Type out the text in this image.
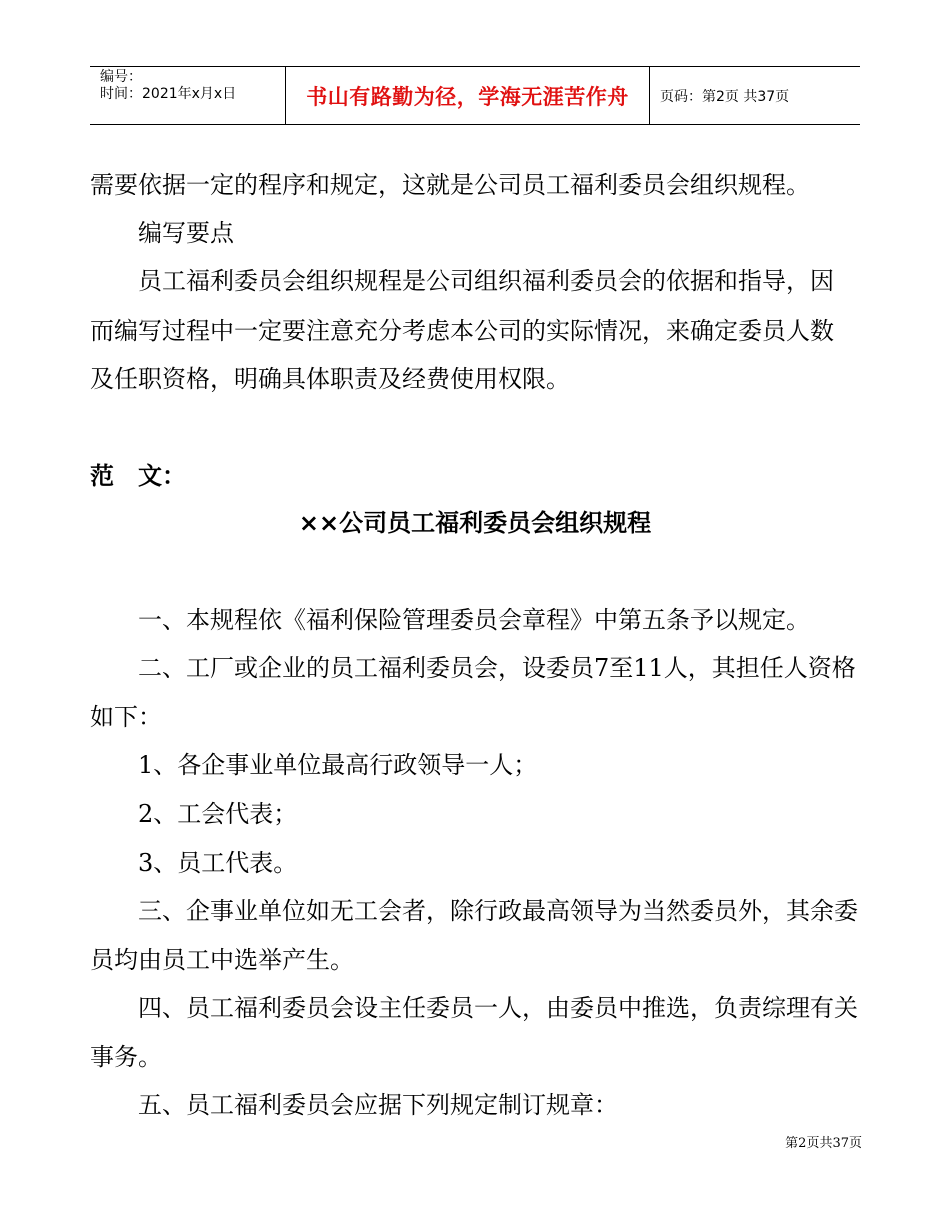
编号：
时间：2021年x月x日	书山有路勤为径，学海无涯苦作舟 页码：第2页 共37页
需要依据一定的程序和规定，这就是公司员工福利委员会组织规程。
编写要点
员工福利委员会组织规程是公司组织福利委员会的依据和指导，因
而编写过程中一定要注意充分考虑本公司的实际情况，来确定委员人数
及任职资格，明确具体职责及经费使用权限。
范　文：
××公司员工福利委员会组织规程
一、本规程依《福利保险管理委员会章程》中第五条予以规定。
二、工厂或企业的员工福利委员会，设委员7至11人，其担任人资格
如下：
1、各企事业单位最高行政领导一人；
2、工会代表；
3、员工代表。
三、企事业单位如无工会者，除行政最高领导为当然委员外，其余委
员均由员工中选举产生。
四、员工福利委员会设主任委员一人，由委员中推选，负责综理有关
事务。
五、员工福利委员会应据下列规定制订规章：
第2页共37页
